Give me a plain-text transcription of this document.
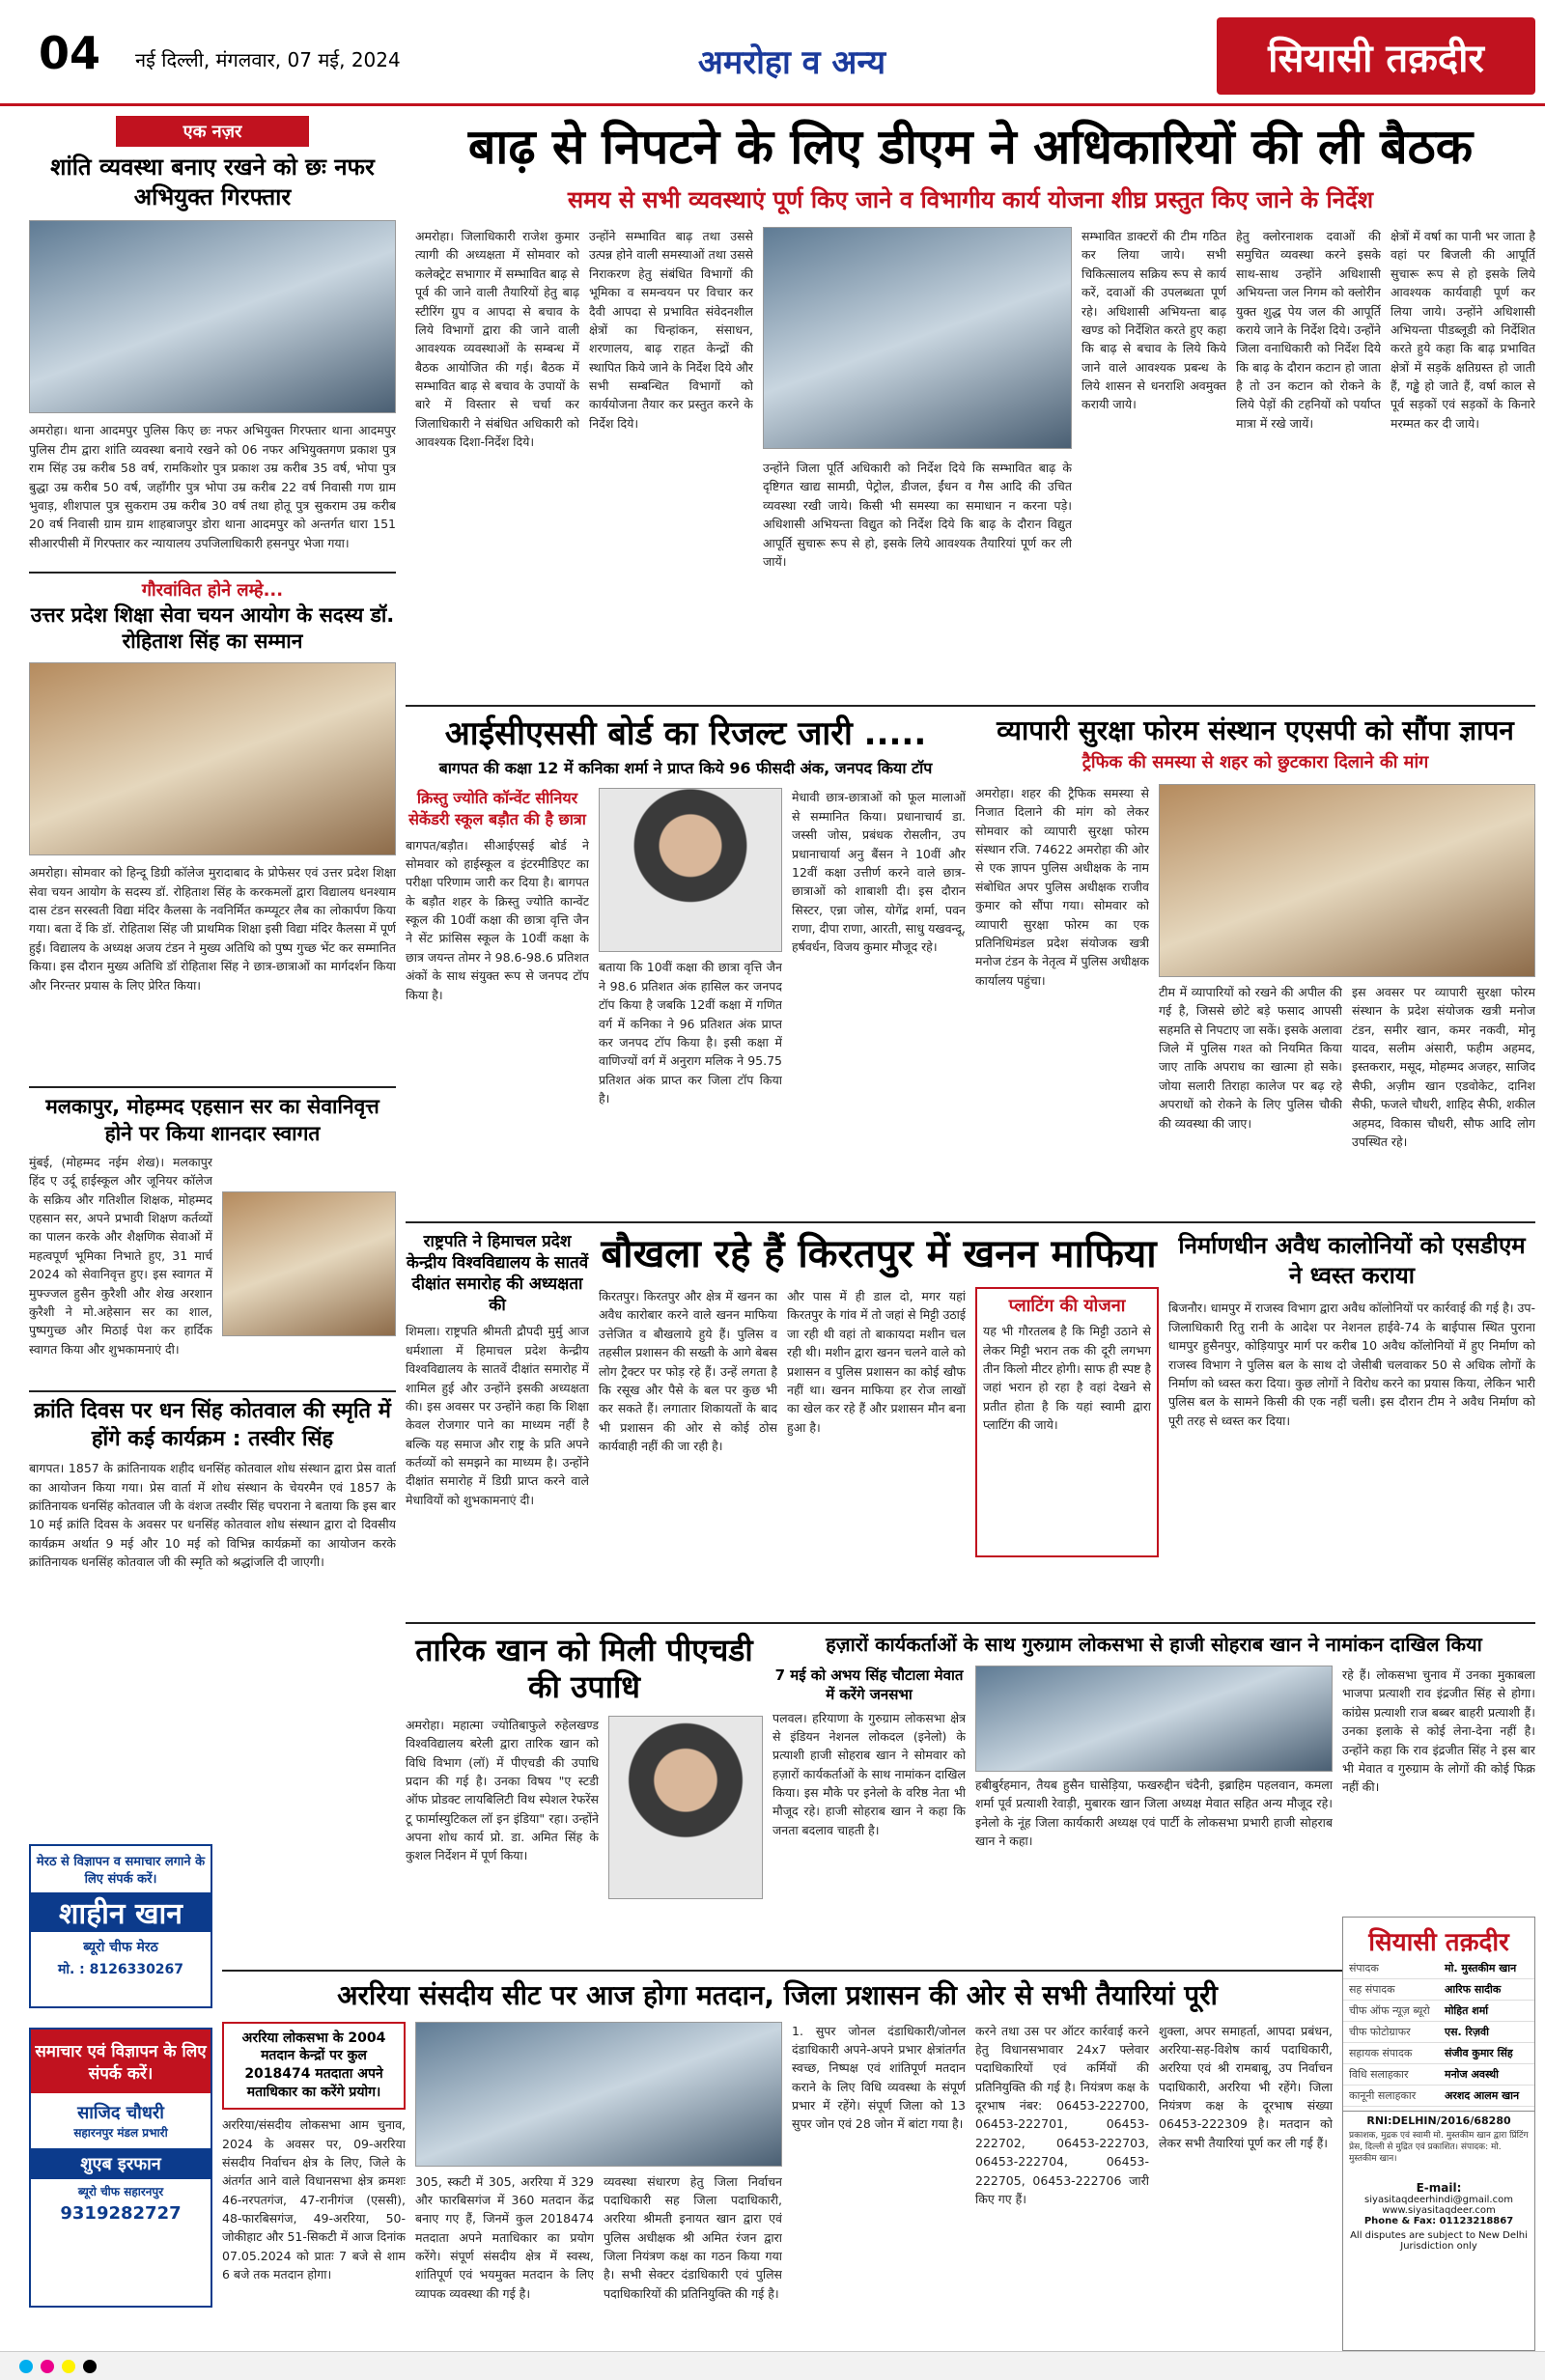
04 नई दिल्ली, मंगलवार, 07 मई, 2024	अमरोहा व अन्य	सियासी तक़दीर
एक नज़र
शांति व्यवस्था बनाए रखने को छः नफर अभियुक्त गिरफ्तार

अमरोहा। थाना आदमपुर पुलिस किए छः नफर अभियुक्त गिरफ्तार थाना आदमपुर पुलिस टीम द्वारा शांति व्यवस्था बनाये रखने को 06 नफर अभियुक्तगण प्रकाश पुत्र राम सिंह उम्र करीब 58 वर्ष, रामकिशोर पुत्र प्रकाश उम्र करीब 35 वर्ष, भोपा पुत्र बुद्धा उम्र करीब 50 वर्ष, जहाँगीर पुत्र भोपा उम्र करीब 22 वर्ष निवासी गण ग्राम भुवाड़, शीशपाल पुत्र सुकराम उम्र करीब 30 वर्ष तथा होतू पुत्र सुकराम उम्र करीब 20 वर्ष निवासी ग्राम ग्राम शाहबाजपुर डोरा थाना आदमपुर को अन्तर्गत धारा 151 सीआरपीसी में गिरफ्तार कर न्यायालय उपजिलाधिकारी हसनपुर भेजा गया।

गौरवांवित होने लम्हे...
उत्तर प्रदेश शिक्षा सेवा चयन आयोग के सदस्य डॉ. रोहिताश सिंह का सम्मान

अमरोहा। सोमवार को हिन्दू डिग्री कॉलेज मुरादाबाद के प्रोफेसर एवं उत्तर प्रदेश शिक्षा सेवा चयन आयोग के सदस्य डॉ. रोहिताश सिंह के करकमलों द्वारा विद्यालय धनश्याम दास टंडन सरस्वती विद्या मंदिर कैलसा के नवनिर्मित कम्प्यूटर लैब का लोकार्पण किया गया। बता दें कि डॉ. रोहिताश सिंह जी प्राथमिक शिक्षा इसी विद्या मंदिर कैलसा में पूर्ण हुई। विद्यालय के अध्यक्ष अजय टंडन ने मुख्य अतिथि को पुष्प गुच्छ भेंट कर सम्मानित किया। इस दौरान मुख्य अतिथि डॉ रोहिताश सिंह ने छात्र-छात्राओं का मार्गदर्शन किया और निरन्तर प्रयास के लिए प्रेरित किया।

मलकापुर, मोहम्मद एहसान सर का सेवानिवृत्त होने पर किया शानदार स्वागत

मुंबई, (मोहम्मद नईम शेख)। मलकापुर हिंद ए उर्दू हाईस्कूल और जूनियर कॉलेज के सक्रिय और गतिशील शिक्षक, मोहम्मद एहसान सर, अपने प्रभावी शिक्षण कर्तव्यों का पालन करके और शैक्षणिक सेवाओं में महत्वपूर्ण भूमिका निभाते हुए, 31 मार्च 2024 को सेवानिवृत्त हुए। इस स्वागत में मुफ्ज्जल हुसैन कुरैशी और शेख अरशान कुरैशी ने मो.अहेसान सर का शाल, पुष्पगुच्छ और मिठाई पेश कर हार्दिक स्वागत किया और शुभकामनाएं दी।

क्रांति दिवस पर धन सिंह कोतवाल की स्मृति में होंगे कई कार्यक्रम : तस्वीर सिंह

बागपत। 1857 के क्रांतिनायक शहीद धनसिंह कोतवाल शोध संस्थान द्वारा प्रेस वार्ता का आयोजन किया गया। प्रेस वार्ता में शोध संस्थान के चेयरमैन एवं 1857 के क्रांतिनायक धनसिंह कोतवाल जी के वंशज तस्वीर सिंह चपराना ने बताया कि इस बार 10 मई क्रांति दिवस के अवसर पर धनसिंह कोतवाल शोध संस्थान द्वारा दो दिवसीय कार्यक्रम अर्थात 9 मई और 10 मई को विभिन्न कार्यक्रमों का आयोजन करके क्रांतिनायक धनसिंह कोतवाल जी की स्मृति को श्रद्धांजलि दी जाएगी।

मेरठ से विज्ञापन व समाचार लगाने के लिए संपर्क करें।
शाहीन खान
ब्यूरो चीफ मेरठ
मो. : 8126330267
समाचार एवं विज्ञापन के लिए संपर्क करें।
साजिद चौधरी
सहारनपुर मंडल प्रभारी
शुएब इरफान
ब्यूरो चीफ सहारनपुर
9319282727
बाढ़ से निपटने के लिए डीएम ने अधिकारियों की ली बैठक
समय से सभी व्यवस्थाएं पूर्ण किए जाने व विभागीय कार्य योजना शीघ्र प्रस्तुत किए जाने के निर्देश

अमरोहा। जिलाधिकारी राजेश कुमार त्यागी की अध्यक्षता में सोमवार को कलेक्ट्रेट सभागार में सम्भावित बाढ़ से पूर्व की जाने वाली तैयारियों हेतु बाढ़ स्टीरिंग ग्रुप व आपदा से बचाव के लिये विभागों द्वारा की जाने वाली आवश्यक व्यवस्थाओं के सम्बन्ध में बैठक आयोजित की गई। बैठक में सम्भावित बाढ़ से बचाव के उपायों के बारे में विस्तार से चर्चा कर जिलाधिकारी ने संबंधित अधिकारी को आवश्यक दिशा-निर्देश दिये।

उन्होंने सम्भावित बाढ़ तथा उससे उत्पन्न होने वाली समस्याओं तथा उससे निराकरण हेतु संबंधित विभागों की भूमिका व समन्वयन पर विचार कर दैवी आपदा से प्रभावित संवेदनशील क्षेत्रों का चिन्हांकन, संसाधन, शरणालय, बाढ़ राहत केन्द्रों की स्थापित किये जाने के निर्देश दिये और सभी सम्बन्धित विभागों को कार्ययोजना तैयार कर प्रस्तुत करने के निर्देश दिये।

उन्होंने जिला पूर्ति अधिकारी को निर्देश दिये कि सम्भावित बाढ़ के दृष्टिगत खाद्य सामग्री, पेट्रोल, डीजल, ईंधन व गैस आदि की उचित व्यवस्था रखी जाये। किसी भी समस्या का समाधान न करना पड़े। अधिशासी अभियन्ता विद्युत को निर्देश दिये कि बाढ़ के दौरान विद्युत आपूर्ति सुचारू रूप से हो, इसके लिये आवश्यक तैयारियां पूर्ण कर ली जायें।

सम्भावित डाक्टरों की टीम गठित कर लिया जाये। सभी चिकित्सालय सक्रिय रूप से कार्य करें, दवाओं की उपलब्धता पूर्ण रहे। अधिशासी अभियन्ता बाढ़ खण्ड को निर्देशित करते हुए कहा कि बाढ़ से बचाव के लिये किये जाने वाले आवश्यक प्रबन्ध के लिये शासन से धनराशि अवमुक्त करायी जाये।

हेतु क्लोरनाशक दवाओं की समुचित व्यवस्था करने इसके साथ-साथ उन्होंने अधिशासी अभियन्ता जल निगम को क्लोरीन युक्त शुद्ध पेय जल की आपूर्ति कराये जाने के निर्देश दिये। उन्होंने जिला वनाधिकारी को निर्देश दिये कि बाढ़ के दौरान कटान हो जाता है तो उन कटान को रोकने के लिये पेड़ों की टहनियों को पर्याप्त मात्रा में रखे जायें।

क्षेत्रों में वर्षा का पानी भर जाता है वहां पर बिजली की आपूर्ति सुचारू रूप से हो इसके लिये आवश्यक कार्यवाही पूर्ण कर लिया जाये। उन्होंने अधिशासी अभियन्ता पीडब्लूडी को निर्देशित करते हुये कहा कि बाढ़ प्रभावित क्षेत्रों में सड़कें क्षतिग्रस्त हो जाती हैं, गड्ढे हो जाते हैं, वर्षा काल से पूर्व सड़कों एवं सड़कों के किनारे मरम्मत कर दी जाये।

आईसीएससी बोर्ड का रिजल्ट जारी .....
बागपत की कक्षा 12 में कनिका शर्मा ने प्राप्त किये 96 फीसदी अंक, जनपद किया टॉप
क्रिस्तु ज्योति कॉन्वेंट सीनियर सेकेंडरी स्कूल बड़ौत की है छात्रा

बागपत/बड़ौत। सीआईएसई बोर्ड ने सोमवार को हाईस्कूल व इंटरमीडिएट का परीक्षा परिणाम जारी कर दिया है। बागपत के बड़ौत शहर के क्रिस्तु ज्योति कान्वेंट स्कूल की 10वीं कक्षा की छात्रा वृत्ति जैन ने सेंट फ्रांसिस स्कूल के 10वीं कक्षा के छात्र जयन्त तोमर ने 98.6-98.6 प्रतिशत अंकों के साथ संयुक्त रूप से जनपद टॉप किया है।

बताया कि 10वीं कक्षा की छात्रा वृत्ति जैन ने 98.6 प्रतिशत अंक हासिल कर जनपद टॉप किया है जबकि 12वीं कक्षा में गणित वर्ग में कनिका ने 96 प्रतिशत अंक प्राप्त कर जनपद टॉप किया है। इसी कक्षा में वाणिज्यों वर्ग में अनुराग मलिक ने 95.75 प्रतिशत अंक प्राप्त कर जिला टॉप किया है।

मेधावी छात्र-छात्राओं को फूल मालाओं से सम्मानित किया। प्रधानाचार्य डा. जस्सी जोस, प्रबंधक रोसलीन, उप प्रधानाचार्या अनु बैंसन ने 10वीं और 12वीं कक्षा उत्तीर्ण करने वाले छात्र-छात्राओं को शाबाशी दी। इस दौरान सिस्टर, एन्ना जोस, योगेंद्र शर्मा, पवन राणा, दीपा राणा, आरती, साधु यखवन्दू, हर्षवर्धन, विजय कुमार मौजूद रहे।

व्यापारी सुरक्षा फोरम संस्थान एएसपी को सौंपा ज्ञापन
ट्रैफिक की समस्या से शहर को छुटकारा दिलाने की मांग

अमरोहा। शहर की ट्रैफिक समस्या से निजात दिलाने की मांग को लेकर सोमवार को व्यापारी सुरक्षा फोरम संस्थान रजि. 74622 अमरोहा की ओर से एक ज्ञापन पुलिस अधीक्षक के नाम संबोधित अपर पुलिस अधीक्षक राजीव कुमार को सौंपा गया। सोमवार को व्यापारी सुरक्षा फोरम का एक प्रतिनिधिमंडल प्रदेश संयोजक खत्री मनोज टंडन के नेतृत्व में पुलिस अधीक्षक कार्यालय पहुंचा।

टीम में व्यापारियों को रखने की अपील की गई है, जिससे छोटे बड़े फसाद आपसी सहमति से निपटाए जा सकें। इसके अलावा जिले में पुलिस गश्त को नियमित किया जाए ताकि अपराध का खात्मा हो सके। जोया सलारी तिराहा कालेज पर बढ़ रहे अपराधों को रोकने के लिए पुलिस चौकी की व्यवस्था की जाए।

इस अवसर पर व्यापारी सुरक्षा फोरम संस्थान के प्रदेश संयोजक खत्री मनोज टंडन, समीर खान, कमर नकवी, मोनू यादव, सलीम अंसारी, फहीम अहमद, इस्तकरार, मसूद, मोहम्मद अजहर, साजिद सैफी, अज़ीम खान एडवोकेट, दानिश सैफी, फजले चौधरी, शाहिद सैफी, शकील अहमद, विकास चौधरी, सौफ आदि लोग उपस्थित रहे।

राष्ट्रपति ने हिमाचल प्रदेश केन्द्रीय विश्वविद्यालय के सातवें दीक्षांत समारोह की अध्यक्षता की

शिमला। राष्ट्रपति श्रीमती द्रौपदी मुर्मु आज धर्मशाला में हिमाचल प्रदेश केन्द्रीय विश्वविद्यालय के सातवें दीक्षांत समारोह में शामिल हुई और उन्होंने इसकी अध्यक्षता की। इस अवसर पर उन्होंने कहा कि शिक्षा केवल रोजगार पाने का माध्यम नहीं है बल्कि यह समाज और राष्ट्र के प्रति अपने कर्तव्यों को समझने का माध्यम है। उन्होंने दीक्षांत समारोह में डिग्री प्राप्त करने वाले मेधावियों को शुभकामनाएं दी।

बौखला रहे हैं किरतपुर में खनन माफिया

किरतपुर। किरतपुर और क्षेत्र में खनन का अवैध कारोबार करने वाले खनन माफिया उत्तेजित व बौखलाये हुये हैं। पुलिस व तहसील प्रशासन की सख्ती के आगे बेबस लोग ट्रैक्टर पर फोड़ रहे हैं। उन्हें लगता है कि रसूख और पैसे के बल पर कुछ भी कर सकते हैं। लगातार शिकायतों के बाद भी प्रशासन की ओर से कोई ठोस कार्यवाही नहीं की जा रही है।

और पास में ही डाल दो, मगर यहां किरतपुर के गांव में तो जहां से मिट्टी उठाई जा रही थी वहां तो बाकायदा मशीन चल रही थी। मशीन द्वारा खनन चलने वाले को प्रशासन व पुलिस प्रशासन का कोई खौफ नहीं था। खनन माफिया हर रोज लाखों का खेल कर रहे हैं और प्रशासन मौन बना हुआ है।

प्लाटिंग की योजना

यह भी गौरतलब है कि मिट्टी उठाने से लेकर मिट्टी भरान तक की दूरी लगभग तीन किलो मीटर होगी। साफ ही स्पष्ट है जहां भरान हो रहा है वहां देखने से प्रतीत होता है कि यहां स्वामी द्वारा प्लाटिंग की जाये।

निर्माणधीन अवैध कालोनियों को एसडीएम ने ध्वस्त कराया

बिजनौर। धामपुर में राजस्व विभाग द्वारा अवैध कॉलोनियों पर कार्रवाई की गई है। उप-जिलाधिकारी रितु रानी के आदेश पर नेशनल हाईवे-74 के बाईपास स्थित पुराना धामपुर हुसैनपुर, कोड़ियापुर मार्ग पर करीब 10 अवैध कॉलोनियों में हुए निर्माण को राजस्व विभाग ने पुलिस बल के साथ दो जेसीबी चलवाकर 50 से अधिक लोगों के निर्माण को ध्वस्त करा दिया। कुछ लोगों ने विरोध करने का प्रयास किया, लेकिन भारी पुलिस बल के सामने किसी की एक नहीं चली। इस दौरान टीम ने अवैध निर्माण को पूरी तरह से ध्वस्त कर दिया।

तारिक खान को मिली पीएचडी की उपाधि

अमरोहा। महात्मा ज्योतिबाफुले रुहेलखण्ड विश्वविद्यालय बरेली द्वारा तारिक खान को विधि विभाग (लॉ) में पीएचडी की उपाधि प्रदान की गई है। उनका विषय "ए स्टडी ऑफ प्रोडक्ट लायबिलिटी विथ स्पेशल रेफरेंस टू फार्मास्युटिकल लॉ इन इंडिया" रहा। उन्होंने अपना शोध कार्य प्रो. डा. अमित सिंह के कुशल निर्देशन में पूर्ण किया।

हज़ारों कार्यकर्ताओं के साथ गुरुग्राम लोकसभा से हाजी सोहराब खान ने नामांकन दाखिल किया
7 मई को अभय सिंह चौटाला मेवात में करेंगे जनसभा

पलवल। हरियाणा के गुरुग्राम लोकसभा क्षेत्र से इंडियन नेशनल लोकदल (इनेलो) के प्रत्याशी हाजी सोहराब खान ने सोमवार को हज़ारों कार्यकर्ताओं के साथ नामांकन दाखिल किया। इस मौके पर इनेलो के वरिष्ठ नेता भी मौजूद रहे। हाजी सोहराब खान ने कहा कि जनता बदलाव चाहती है।

हबीबुर्रहमान, तैयब हुसैन घासेड़िया, फखरुद्दीन चंदैनी, इब्राहिम पहलवान, कमला शर्मा पूर्व प्रत्याशी रेवाड़ी, मुबारक खान जिला अध्यक्ष मेवात सहित अन्य मौजूद रहे। इनेलो के नूंह जिला कार्यकारी अध्यक्ष एवं पार्टी के लोकसभा प्रभारी हाजी सोहराब खान ने कहा।

रहे हैं। लोकसभा चुनाव में उनका मुकाबला भाजपा प्रत्याशी राव इंद्रजीत सिंह से होगा। कांग्रेस प्रत्याशी राज बब्बर बाहरी प्रत्याशी हैं। उनका इलाके से कोई लेना-देना नहीं है। उन्होंने कहा कि राव इंद्रजीत सिंह ने इस बार भी मेवात व गुरुग्राम के लोगों की कोई फिक्र नहीं की।

अररिया संसदीय सीट पर आज होगा मतदान, जिला प्रशासन की ओर से सभी तैयारियां पूरी
अररिया लोकसभा के 2004 मतदान केन्द्रों पर कुल 2018474 मतदाता अपने मताधिकार का करेंगे प्रयोग।

अररिया/संसदीय लोकसभा आम चुनाव, 2024 के अवसर पर, 09-अररिया संसदीय निर्वाचन क्षेत्र के लिए, जिले के अंतर्गत आने वाले विधानसभा क्षेत्र क्रमशः 46-नरपतगंज, 47-रानीगंज (एससी), 48-फारबिसगंज, 49-अररिया, 50-जोकीहाट और 51-सिकटी में आज दिनांक 07.05.2024 को प्रातः 7 बजे से शाम 6 बजे तक मतदान होगा।

305, स्कटी में 305, अररिया में 329 और फारबिसगंज में 360 मतदान केंद्र बनाए गए हैं, जिनमें कुल 2018474 मतदाता अपने मताधिकार का प्रयोग करेंगे। संपूर्ण संसदीय क्षेत्र में स्वस्थ, शांतिपूर्ण एवं भयमुक्त मतदान के लिए व्यापक व्यवस्था की गई है।

व्यवस्था संधारण हेतु जिला निर्वाचन पदाधिकारी सह जिला पदाधिकारी, अररिया श्रीमती इनायत खान द्वारा एवं पुलिस अधीक्षक श्री अमित रंजन द्वारा जिला नियंत्रण कक्ष का गठन किया गया है। सभी सेक्टर दंडाधिकारी एवं पुलिस पदाधिकारियों की प्रतिनियुक्ति की गई है।

1. सुपर जोनल दंडाधिकारी/जोनल दंडाधिकारी अपने-अपने प्रभार क्षेत्रांतर्गत स्वच्छ, निष्पक्ष एवं शांतिपूर्ण मतदान कराने के लिए विधि व्यवस्था के संपूर्ण प्रभार में रहेंगे। संपूर्ण जिला को 13 सुपर जोन एवं 28 जोन में बांटा गया है।

करने तथा उस पर ऑटर कार्रवाई करने हेतु विधानसभावार 24x7 फ्लेवार पदाधिकारियों एवं कर्मियों की प्रतिनियुक्ति की गई है। नियंत्रण कक्ष के दूरभाष नंबर: 06453-222700, 06453-222701, 06453-222702, 06453-222703, 06453-222704, 06453-222705, 06453-222706 जारी किए गए हैं।

शुक्ला, अपर समाहर्ता, आपदा प्रबंधन, अररिया-सह-विशेष कार्य पदाधिकारी, अररिया एवं श्री रामबाबू, उप निर्वाचन पदाधिकारी, अररिया भी रहेंगे। जिला नियंत्रण कक्ष के दूरभाष संख्या 06453-222309 है। मतदान को लेकर सभी तैयारियां पूर्ण कर ली गई हैं।

सियासी तक़दीर
संपादक	मो. मुस्तकीम खान
सह संपादक	आरिफ सादीक
चीफ ऑफ न्यूज़ ब्यूरो	मोहित शर्मा
चीफ फोटोग्राफर	एस. रिज़वी
सहायक संपादक	संजीव कुमार सिंह
विधि सलाहकार	मनोज अवस्थी
कानूनी सलाहकार	अरशद आलम खान
RNI:DELHIN/2016/68280
प्रकाशक, मुद्रक एवं स्वामी मो. मुस्तकीम खान द्वारा प्रिंटिंग प्रेस, दिल्ली से मुद्रित एवं प्रकाशित। संपादक: मो. मुस्तकीम खान।
E-mail:
siyasitaqdeerhindi@gmail.com
www.siyasitaqdeer.com
Phone & Fax: 01123218867
All disputes are subject to New Delhi Jurisdiction only
